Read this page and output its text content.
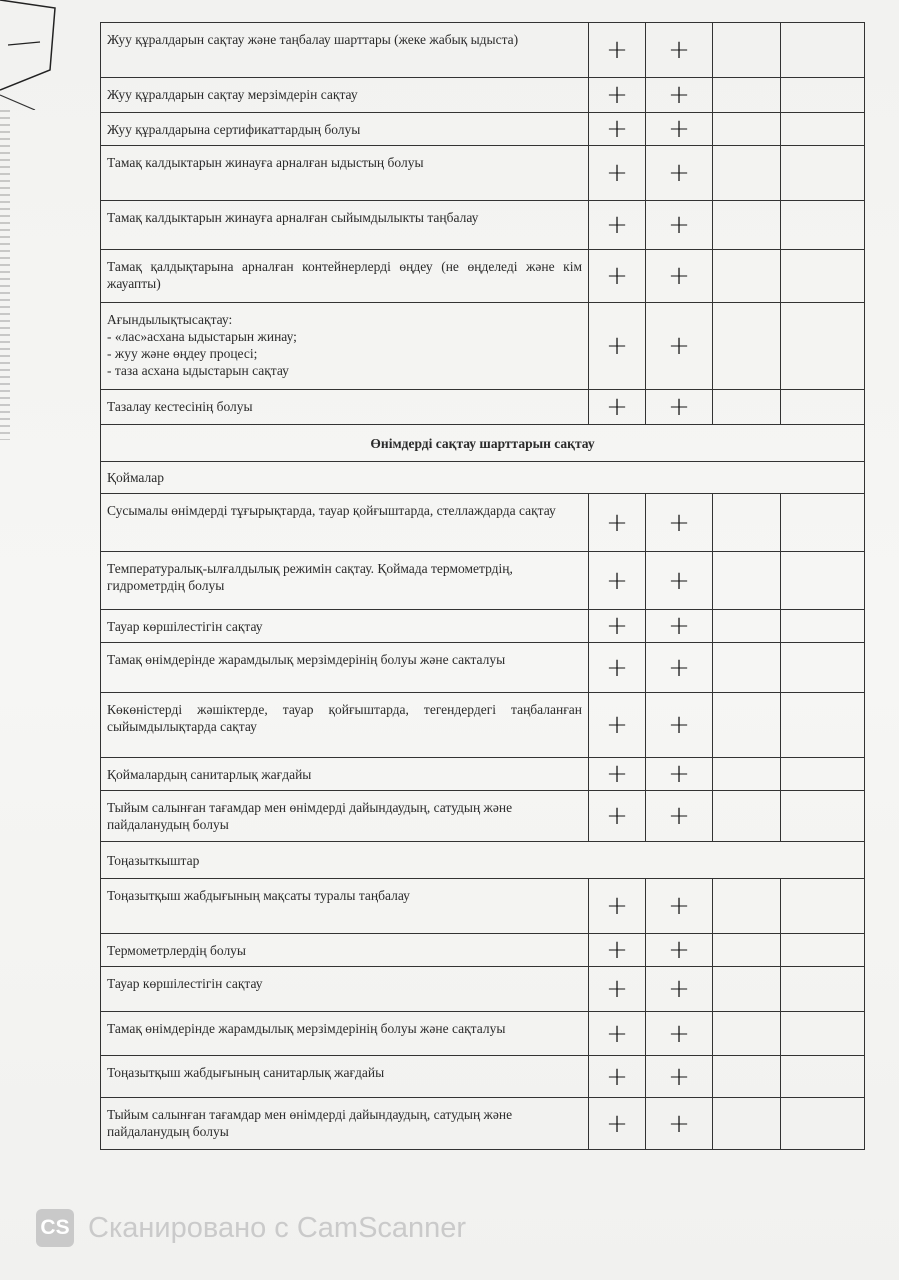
Жуу құралдарын сақтау және таңбалау шарттары (жеке жабық ыдыста)	+	+		
Жуу құралдарын сақтау мерзімдерін сақтау	+	+		
Жуу құралдарына сертификаттардың болуы	+	+		
Тамақ калдыктарын жинауға арналған ыдыстың болуы	+	+		
Тамақ калдыктарын жинауға арналған сыйымдылыкты таңбалау	+	+		
Тамақ қалдықтарына арналған контейнерлерді өңдеу (не өңделеді және кім жауапты)	+	+		
Ағындылықтысақтау:
- «лас»асхана ыдыстарын жинау;
- жуу және өңдеу процесі;
- таза асхана ыдыстарын сақтау	+	+		
Тазалау кестесінің болуы	+	+		
Өнімдерді сақтау шарттарын сақтау				
Қоймалар				
Сусымалы өнімдерді тұғырықтарда, тауар қойғыштарда, стеллаждарда сақтау	+	+		
Температуралық-ылғалдылық режимін сақтау. Қоймада термометрдің, гидрометрдің болуы	+	+		
Тауар көршілестігін сақтау	+	+		
Тамақ өнімдерінде жарамдылық мерзімдерінің болуы және сакталуы	+	+		
Көкөністерді жәшіктерде, тауар қойғыштарда, тегендердегі таңбаланған сыйымдылықтарда сақтау	+	+		
Қоймалардың санитарлық жағдайы	+	+		
Тыйым салынған тағамдар мен өнімдерді дайындаудың, сатудың және пайдаланудың болуы	+	+		
Тоңазыткыштар				
Тоңазытқыш жабдығының мақсаты туралы таңбалау	+	+		
Термометрлердің болуы	+	+		
Тауар көршілестігін сақтау	+	+		
Тамақ өнімдерінде жарамдылық мерзімдерінің болуы және сақталуы	+	+		
Тоңазытқыш жабдығының санитарлық жағдайы	+	+		
Тыйым салынған тағамдар мен өнімдерді дайындаудың, сатудың және пайдаланудың болуы	+	+		
CS Сканировано с CamScanner
